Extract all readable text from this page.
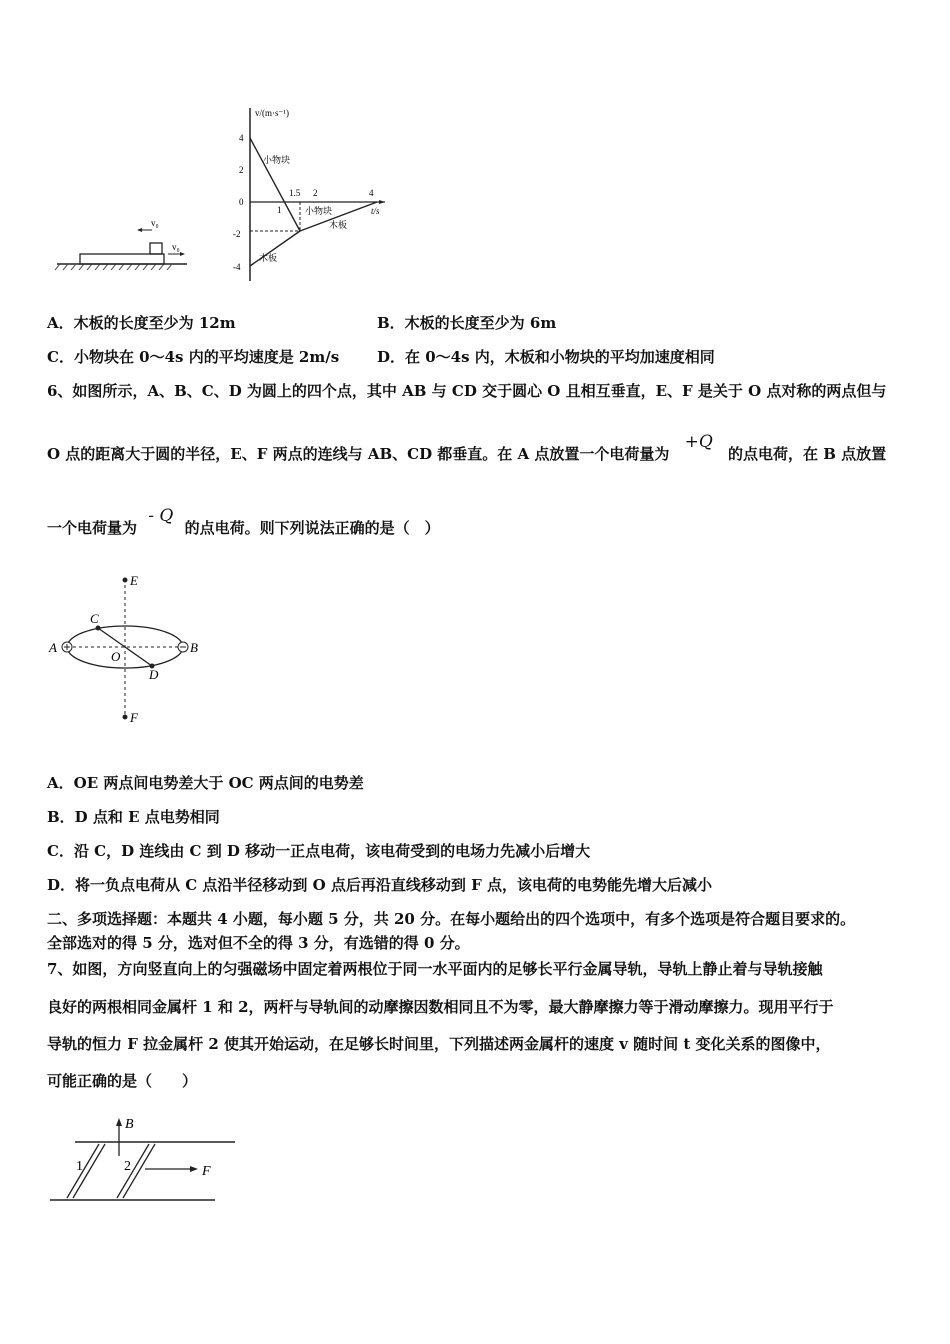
v₀
v₀
v/(m·s⁻¹)
t/s
4
2
0
-2
-4
1
1.5 2	4
小物块
小物块
木板
木板
A．木板的长度至少为 12m	B．木板的长度至少为 6m
C．小物块在 0～4s 内的平均速度是 2m/s	D．在 0～4s 内，木板和小物块的平均加速度相同
6、如图所示，A、B、C、D 为圆上的四个点，其中 AB 与 CD 交于圆心 O 且相互垂直，E、F 是关于 O 点对称的两点但与
O 点的距离大于圆的半径，E、F 两点的连线与 AB、CD 都垂直。在 A 点放置一个电荷量为 +Q 的点电荷，在 B 点放置
一个电荷量为 - Q 的点电荷。则下列说法正确的是（　）
E
F
A	B
C
D
O
A．OE 两点间电势差大于 OC 两点间的电势差
B．D 点和 E 点电势相同
C．沿 C，D 连线由 C 到 D 移动一正点电荷，该电荷受到的电场力先减小后增大
D．将一负点电荷从 C 点沿半径移动到 O 点后再沿直线移动到 F 点，该电荷的电势能先增大后减小
二、多项选择题：本题共 4 小题，每小题 5 分，共 20 分。在每小题给出的四个选项中，有多个选项是符合题目要求的。
全部选对的得 5 分，选对但不全的得 3 分，有选错的得 0 分。
7、如图，方向竖直向上的匀强磁场中固定着两根位于同一水平面内的足够长平行金属导轨，导轨上静止着与导轨接触
良好的两根相同金属杆 1 和 2，两杆与导轨间的动摩擦因数相同且不为零，最大静摩擦力等于滑动摩擦力。现用平行于
导轨的恒力 F 拉金属杆 2 使其开始运动，在足够长时间里，下列描述两金属杆的速度 v 随时间 t 变化关系的图像中，
可能正确的是（　　）
B
1	2	F
